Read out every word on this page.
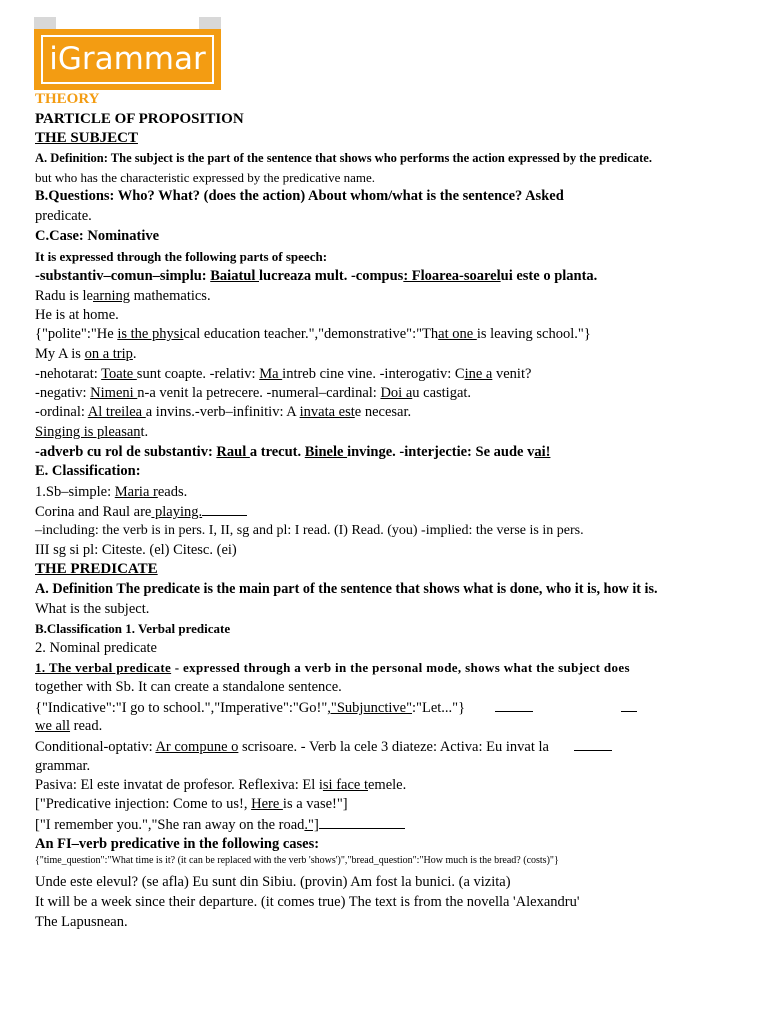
iGrammar
THEORY
PARTICLE OF PROPOSITION
THE SUBJECT
A. Definition: The subject is the part of the sentence that shows who performs the action expressed by the predicate.
but who has the characteristic expressed by the predicative name.
B.Questions: Who? What? (does the action) About whom/what is the sentence? Asked
predicate.
C.Case: Nominative
It is expressed through the following parts of speech:
-substantiv–comun–simplu: Baiatul lucreaza mult. -compus: Floarea-soarelui este o planta.
Radu is learning mathematics.
He is at home.
{"polite":"He is the physical education teacher.","demonstrative":"That one is leaving school."}
My A is on a trip.
-nehotarat: Toate sunt coapte. -relativ: Ma intreb cine vine. -interogativ: Cine a venit?
-negativ: Nimeni n-a venit la petrecere. -numeral–cardinal: Doi au castigat.
-ordinal: Al treilea a invins.-verb–infinitiv: A invata este necesar.
Singing is pleasant.
-adverb cu rol de substantiv: Raul a trecut. Binele invinge. -interjectie: Se aude vai!
E. Classification:
1.Sb–simple: Maria reads.
Corina and Raul are playing.
–including: the verb is in pers. I, II, sg and pl: I read. (I) Read. (you) -implied: the verse is in pers.
III sg si pl: Citeste. (el) Citesc. (ei)
THE PREDICATE
A. Definition The predicate is the main part of the sentence that shows what is done, who it is, how it is.
What is the subject.
B.Classification 1. Verbal predicate
2. Nominal predicate
1. The verbal predicate - expressed through a verb in the personal mode, shows what the subject does
together with Sb. It can create a standalone sentence.
{"Indicative":"I go to school.","Imperative":"Go!","Subjunctive":"Let..."}
we all read.
Conditional-optativ: Ar compune o scrisoare. - Verb la cele 3 diateze: Activa: Eu invat la
grammar.
Pasiva: El este invatat de profesor. Reflexiva: El isi face temele.
["Predicative injection: Come to us!, Here is a vase!"]
["I remember you.","She ran away on the road."]
An FI–verb predicative in the following cases:
{"time_question":"What time is it? (it can be replaced with the verb 'shows')","bread_question":"How much is the bread? (costs)"}
Unde este elevul? (se afla) Eu sunt din Sibiu. (provin) Am fost la bunici. (a vizita)
It will be a week since their departure. (it comes true) The text is from the novella 'Alexandru'
The Lapusnean.
